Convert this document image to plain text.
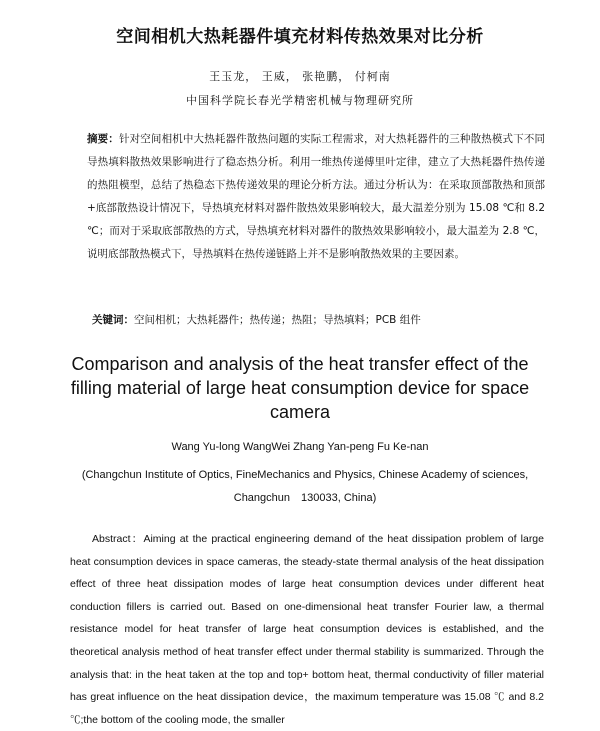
空间相机大热耗器件填充材料传热效果对比分析
王玉龙， 王威， 张艳鹏， 付柯南
中国科学院长春光学精密机械与物理研究所
摘要：针对空间相机中大热耗器件散热问题的实际工程需求，对大热耗器件的三种散热模式下不同导热填料散热效果影响进行了稳态热分析。利用一维热传递傅里叶定律，建立了大热耗器件热传递的热阻模型，总结了热稳态下热传递效果的理论分析方法。通过分析认为：在采取顶部散热和顶部+底部散热设计情况下，导热填充材料对器件散热效果影响较大，最大温差分别为 15.08 ℃和 8.2 ℃；而对于采取底部散热的方式，导热填充材料对器件的散热效果影响较小，最大温差为 2.8 ℃，说明底部散热模式下，导热填料在热传递链路上并不是影响散热效果的主要因素。
关键词：空间相机；大热耗器件；热传递；热阻；导热填料；PCB 组件
Comparison and analysis of the heat transfer effect of the filling material of large heat consumption device for space camera
Wang Yu-long WangWei Zhang Yan-peng Fu Ke-nan
(Changchun Institute of Optics, FineMechanics and Physics, Chinese Academy of sciences, Changchun　130033, China)
Abstract：Aiming at the practical engineering demand of the heat dissipation problem of large heat consumption devices in space cameras, the steady-state thermal analysis of the heat dissipation effect of three heat dissipation modes of large heat consumption devices under different heat conduction fillers is carried out. Based on one-dimensional heat transfer Fourier law, a thermal resistance model for heat transfer of large heat consumption devices is established, and the theoretical analysis method of heat transfer effect under thermal stability is summarized. Through the analysis that: in the heat taken at the top and top+ bottom heat, thermal conductivity of filler material has great influence on the heat dissipation device，the maximum temperature was 15.08 ℃ and 8.2 ℃;the bottom of the cooling mode, the smaller
